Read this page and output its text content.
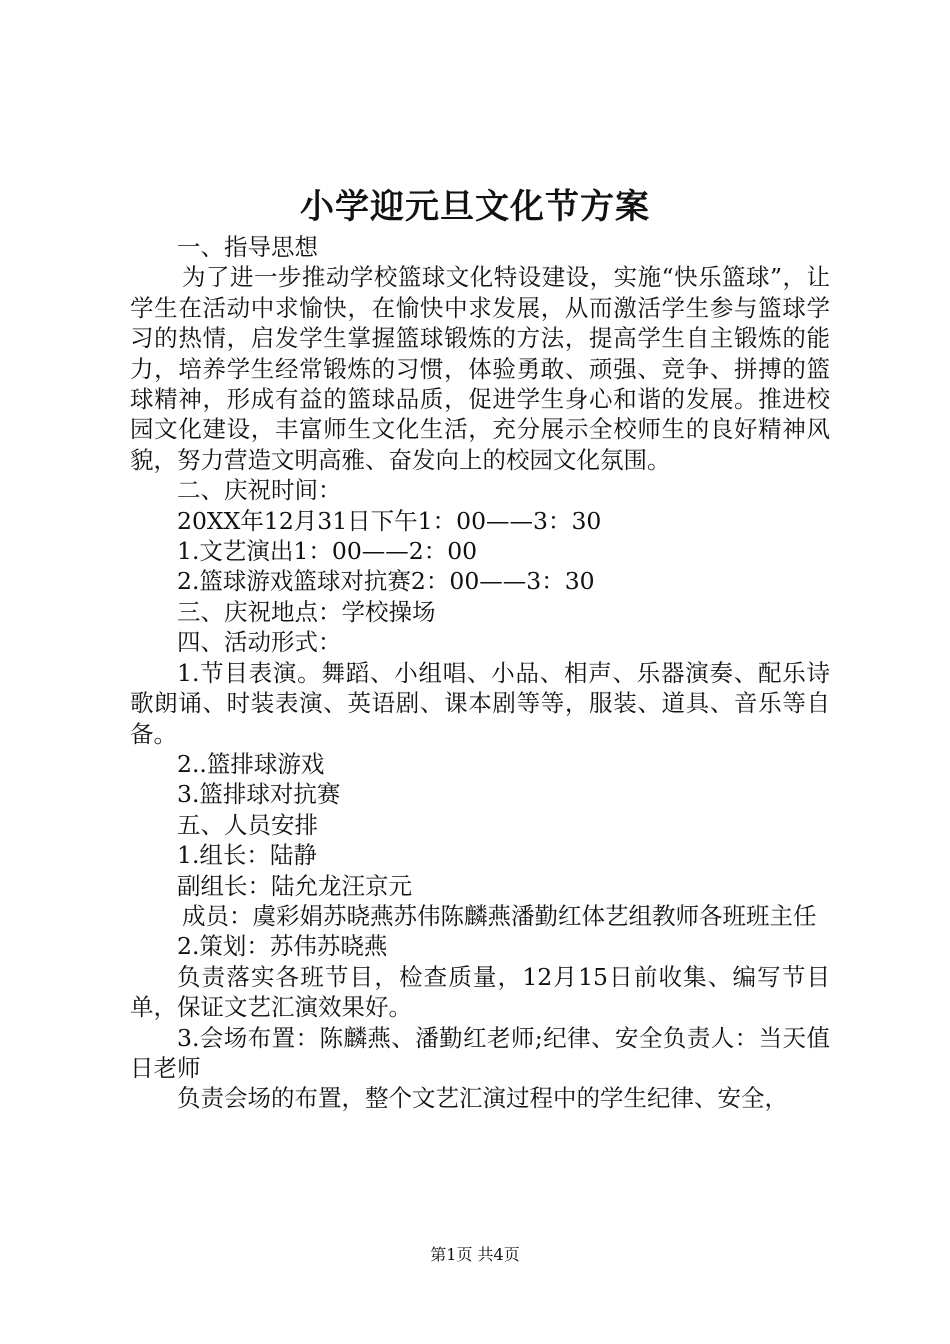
小学迎元旦文化节方案

一、指导思想

为了进一步推动学校篮球文化特设建设，实施“快乐篮球”，让学生在活动中求愉快，在愉快中求发展，从而激活学生参与篮球学习的热情，启发学生掌握篮球锻炼的方法，提高学生自主锻炼的能力，培养学生经常锻炼的习惯，体验勇敢、顽强、竞争、拼搏的篮球精神，形成有益的篮球品质，促进学生身心和谐的发展。推进校园文化建设，丰富师生文化生活，充分展示全校师生的良好精神风貌，努力营造文明高雅、奋发向上的校园文化氛围。

二、庆祝时间：

20XX年12月31日下午1：00——3：30

1.文艺演出1：00——2：00

2.篮球游戏篮球对抗赛2：00——3：30

三、庆祝地点：学校操场

四、活动形式：

1.节目表演。舞蹈、小组唱、小品、相声、乐器演奏、配乐诗歌朗诵、时装表演、英语剧、课本剧等等，服装、道具、音乐等自备。

2..篮排球游戏

3.篮排球对抗赛

五、人员安排

1.组长：陆静

副组长：陆允龙汪京元

成员：虞彩娟苏晓燕苏伟陈麟燕潘勤红体艺组教师各班班主任

2.策划：苏伟苏晓燕

负责落实各班节目，检查质量，12月15日前收集、编写节目单，保证文艺汇演效果好。

3.会场布置：陈麟燕、潘勤红老师;纪律、安全负责人：当天值日老师

负责会场的布置，整个文艺汇演过程中的学生纪律、安全，

第1页 共4页
